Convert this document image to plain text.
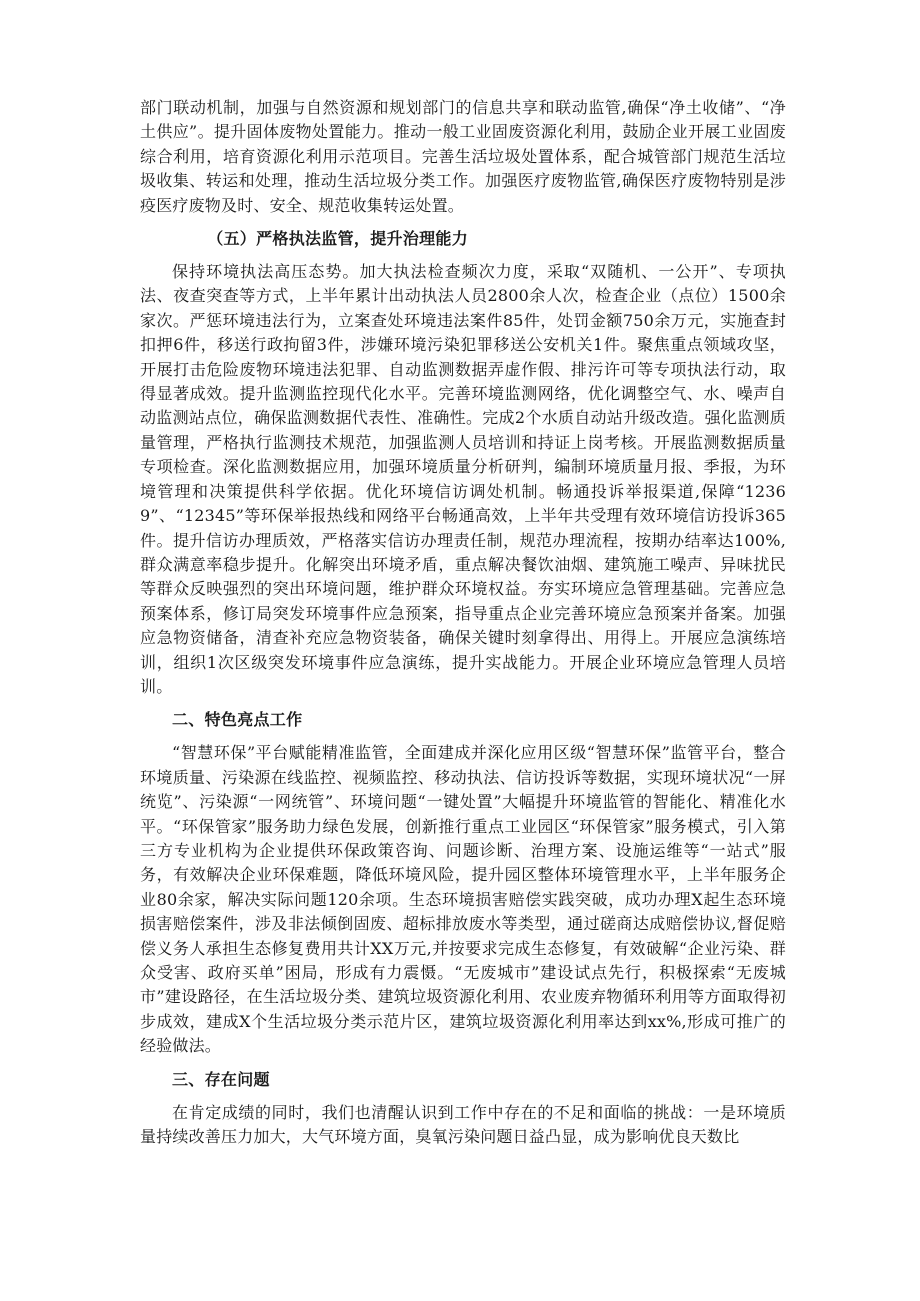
部门联动机制，加强与自然资源和规划部门的信息共享和联动监管,确保“净土收储”、“净土供应”。提升固体废物处置能力。推动一般工业固废资源化利用，鼓励企业开展工业固废综合利用，培育资源化利用示范项目。完善生活垃圾处置体系，配合城管部门规范生活垃圾收集、转运和处理，推动生活垃圾分类工作。加强医疗废物监管,确保医疗废物特别是涉疫医疗废物及时、安全、规范收集转运处置。

（五）严格执法监管，提升治理能力

保持环境执法高压态势。加大执法检查频次力度，采取“双随机、一公开”、专项执法、夜查突查等方式，上半年累计出动执法人员2800余人次，检查企业（点位）1500余家次。严惩环境违法行为，立案查处环境违法案件85件，处罚金额750余万元，实施查封扣押6件，移送行政拘留3件，涉嫌环境污染犯罪移送公安机关1件。聚焦重点领域攻坚，开展打击危险废物环境违法犯罪、自动监测数据弄虚作假、排污许可等专项执法行动，取得显著成效。提升监测监控现代化水平。完善环境监测网络，优化调整空气、水、噪声自动监测站点位，确保监测数据代表性、准确性。完成2个水质自动站升级改造。强化监测质量管理，严格执行监测技术规范，加强监测人员培训和持证上岗考核。开展监测数据质量专项检查。深化监测数据应用，加强环境质量分析研判，编制环境质量月报、季报，为环境管理和决策提供科学依据。优化环境信访调处机制。畅通投诉举报渠道,保障“12369”、“12345”等环保举报热线和网络平台畅通高效，上半年共受理有效环境信访投诉365件。提升信访办理质效，严格落实信访办理责任制，规范办理流程，按期办结率达100%,群众满意率稳步提升。化解突出环境矛盾，重点解决餐饮油烟、建筑施工噪声、异味扰民等群众反映强烈的突出环境问题，维护群众环境权益。夯实环境应急管理基础。完善应急预案体系，修订局突发环境事件应急预案，指导重点企业完善环境应急预案并备案。加强应急物资储备，清查补充应急物资装备，确保关键时刻拿得出、用得上。开展应急演练培训，组织1次区级突发环境事件应急演练，提升实战能力。开展企业环境应急管理人员培训。

二、特色亮点工作

“智慧环保”平台赋能精准监管，全面建成并深化应用区级“智慧环保”监管平台，整合环境质量、污染源在线监控、视频监控、移动执法、信访投诉等数据，实现环境状况“一屏统览”、污染源“一网统管”、环境问题“一键处置”大幅提升环境监管的智能化、精准化水平。“环保管家”服务助力绿色发展，创新推行重点工业园区“环保管家”服务模式，引入第三方专业机构为企业提供环保政策咨询、问题诊断、治理方案、设施运维等“一站式”服务，有效解决企业环保难题，降低环境风险，提升园区整体环境管理水平，上半年服务企业80余家，解决实际问题120余项。生态环境损害赔偿实践突破，成功办理X起生态环境损害赔偿案件，涉及非法倾倒固废、超标排放废水等类型，通过磋商达成赔偿协议,督促赔偿义务人承担生态修复费用共计XX万元,并按要求完成生态修复，有效破解“企业污染、群众受害、政府买单”困局，形成有力震慑。“无废城市”建设试点先行，积极探索“无废城市”建设路径，在生活垃圾分类、建筑垃圾资源化利用、农业废弃物循环利用等方面取得初步成效，建成X个生活垃圾分类示范片区，建筑垃圾资源化利用率达到xx%,形成可推广的经验做法。

三、存在问题

在肯定成绩的同时，我们也清醒认识到工作中存在的不足和面临的挑战：一是环境质量持续改善压力加大，大气环境方面，臭氧污染问题日益凸显，成为影响优良天数比
